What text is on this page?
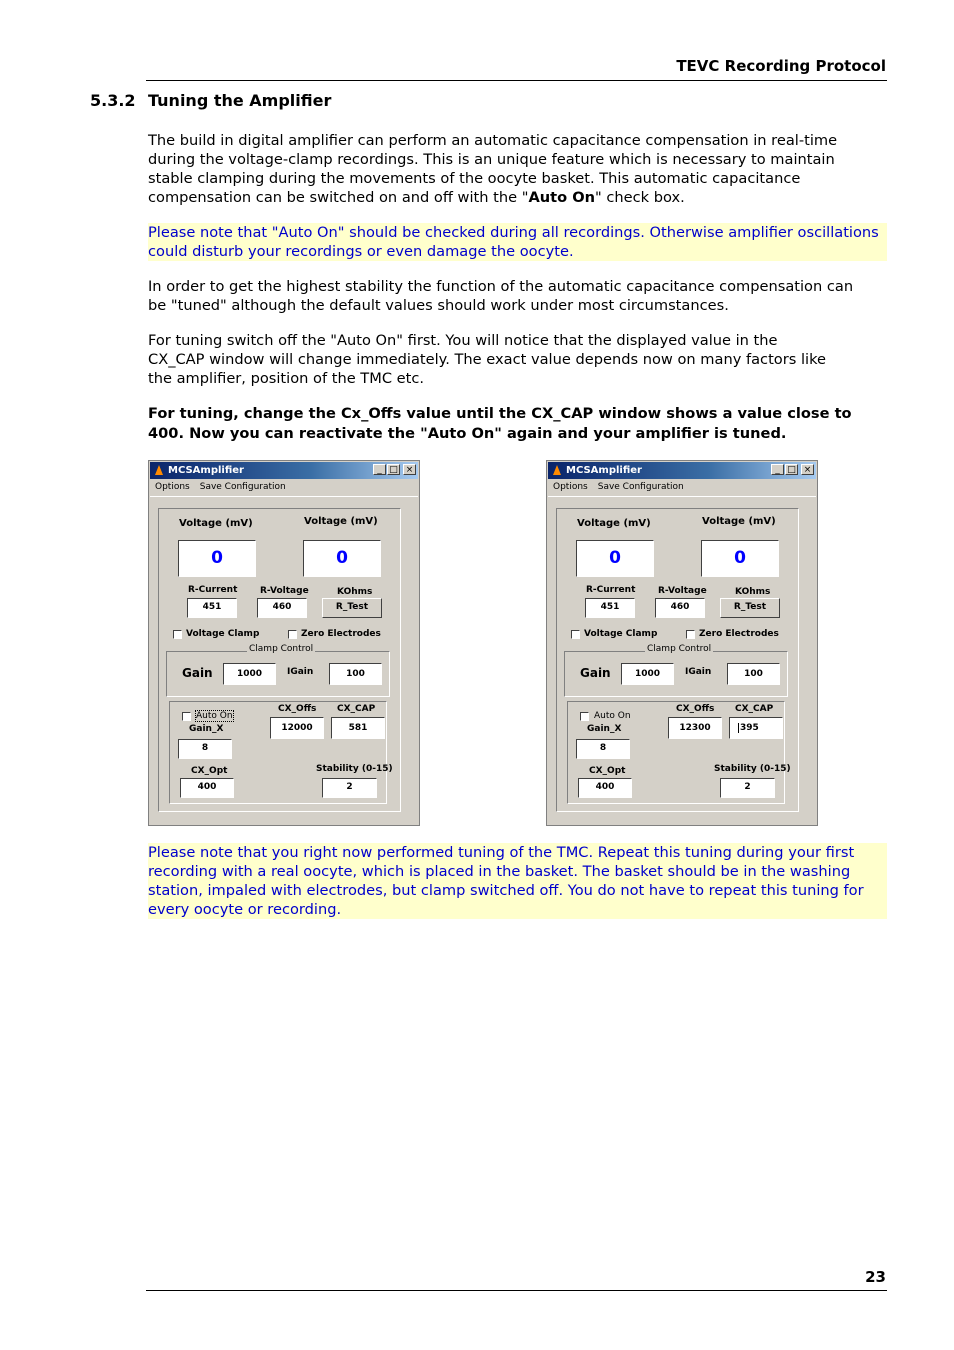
TEVC Recording Protocol
5.3.2 Tuning the Amplifier
The build in digital amplifier can perform an automatic capacitance compensation in real-time during the voltage-clamp recordings. This is an unique feature which is necessary to maintain stable clamping during the movements of the oocyte basket. This automatic capacitance compensation can be switched on and off with the "Auto On" check box.
Please note that "Auto On" should be checked during all recordings. Otherwise amplifier oscillations could disturb your recordings or even damage the oocyte.
In order to get the highest stability the function of the automatic capacitance compensation can be "tuned" although the default values should work under most circumstances.
For tuning switch off the "Auto On" first. You will notice that the displayed value in the CX_CAP window will change immediately. The exact value depends now on many factors like the amplifier, position of the TMC etc.
For tuning, change the Cx_Offs value until the CX_CAP window shows a value close to 400. Now you can reactivate the "Auto On" again and your amplifier is tuned.
MCSAmplifier	_ □ ×
Options Save Configuration
Voltage (mV)	Voltage (mV)
0	0
R-Current	R-Voltage	KOhms
451	460	R_Test
Voltage Clamp	Zero Electrodes
Clamp Control
Gain	1000	IGain	100
Auto On
Gain_X
8
CX_Offs CX_CAP
12000	581
CX_Opt
400
Stability (0-15)
2
MCSAmplifier	_ □ ×
Options Save Configuration
Voltage (mV)	Voltage (mV)
0	0
R-Current	R-Voltage	KOhms
451	460	R_Test
Voltage Clamp	Zero Electrodes
Clamp Control
Gain	1000	IGain	100
Auto On
Gain_X
8
CX_Offs CX_CAP
12300	395
CX_Opt
400
Stability (0-15)
2
Please note that you right now performed tuning of the TMC. Repeat this tuning during your first recording with a real oocyte, which is placed in the basket. The basket should be in the washing station, impaled with electrodes, but clamp switched off. You do not have to repeat this tuning for every oocyte or recording.
23
